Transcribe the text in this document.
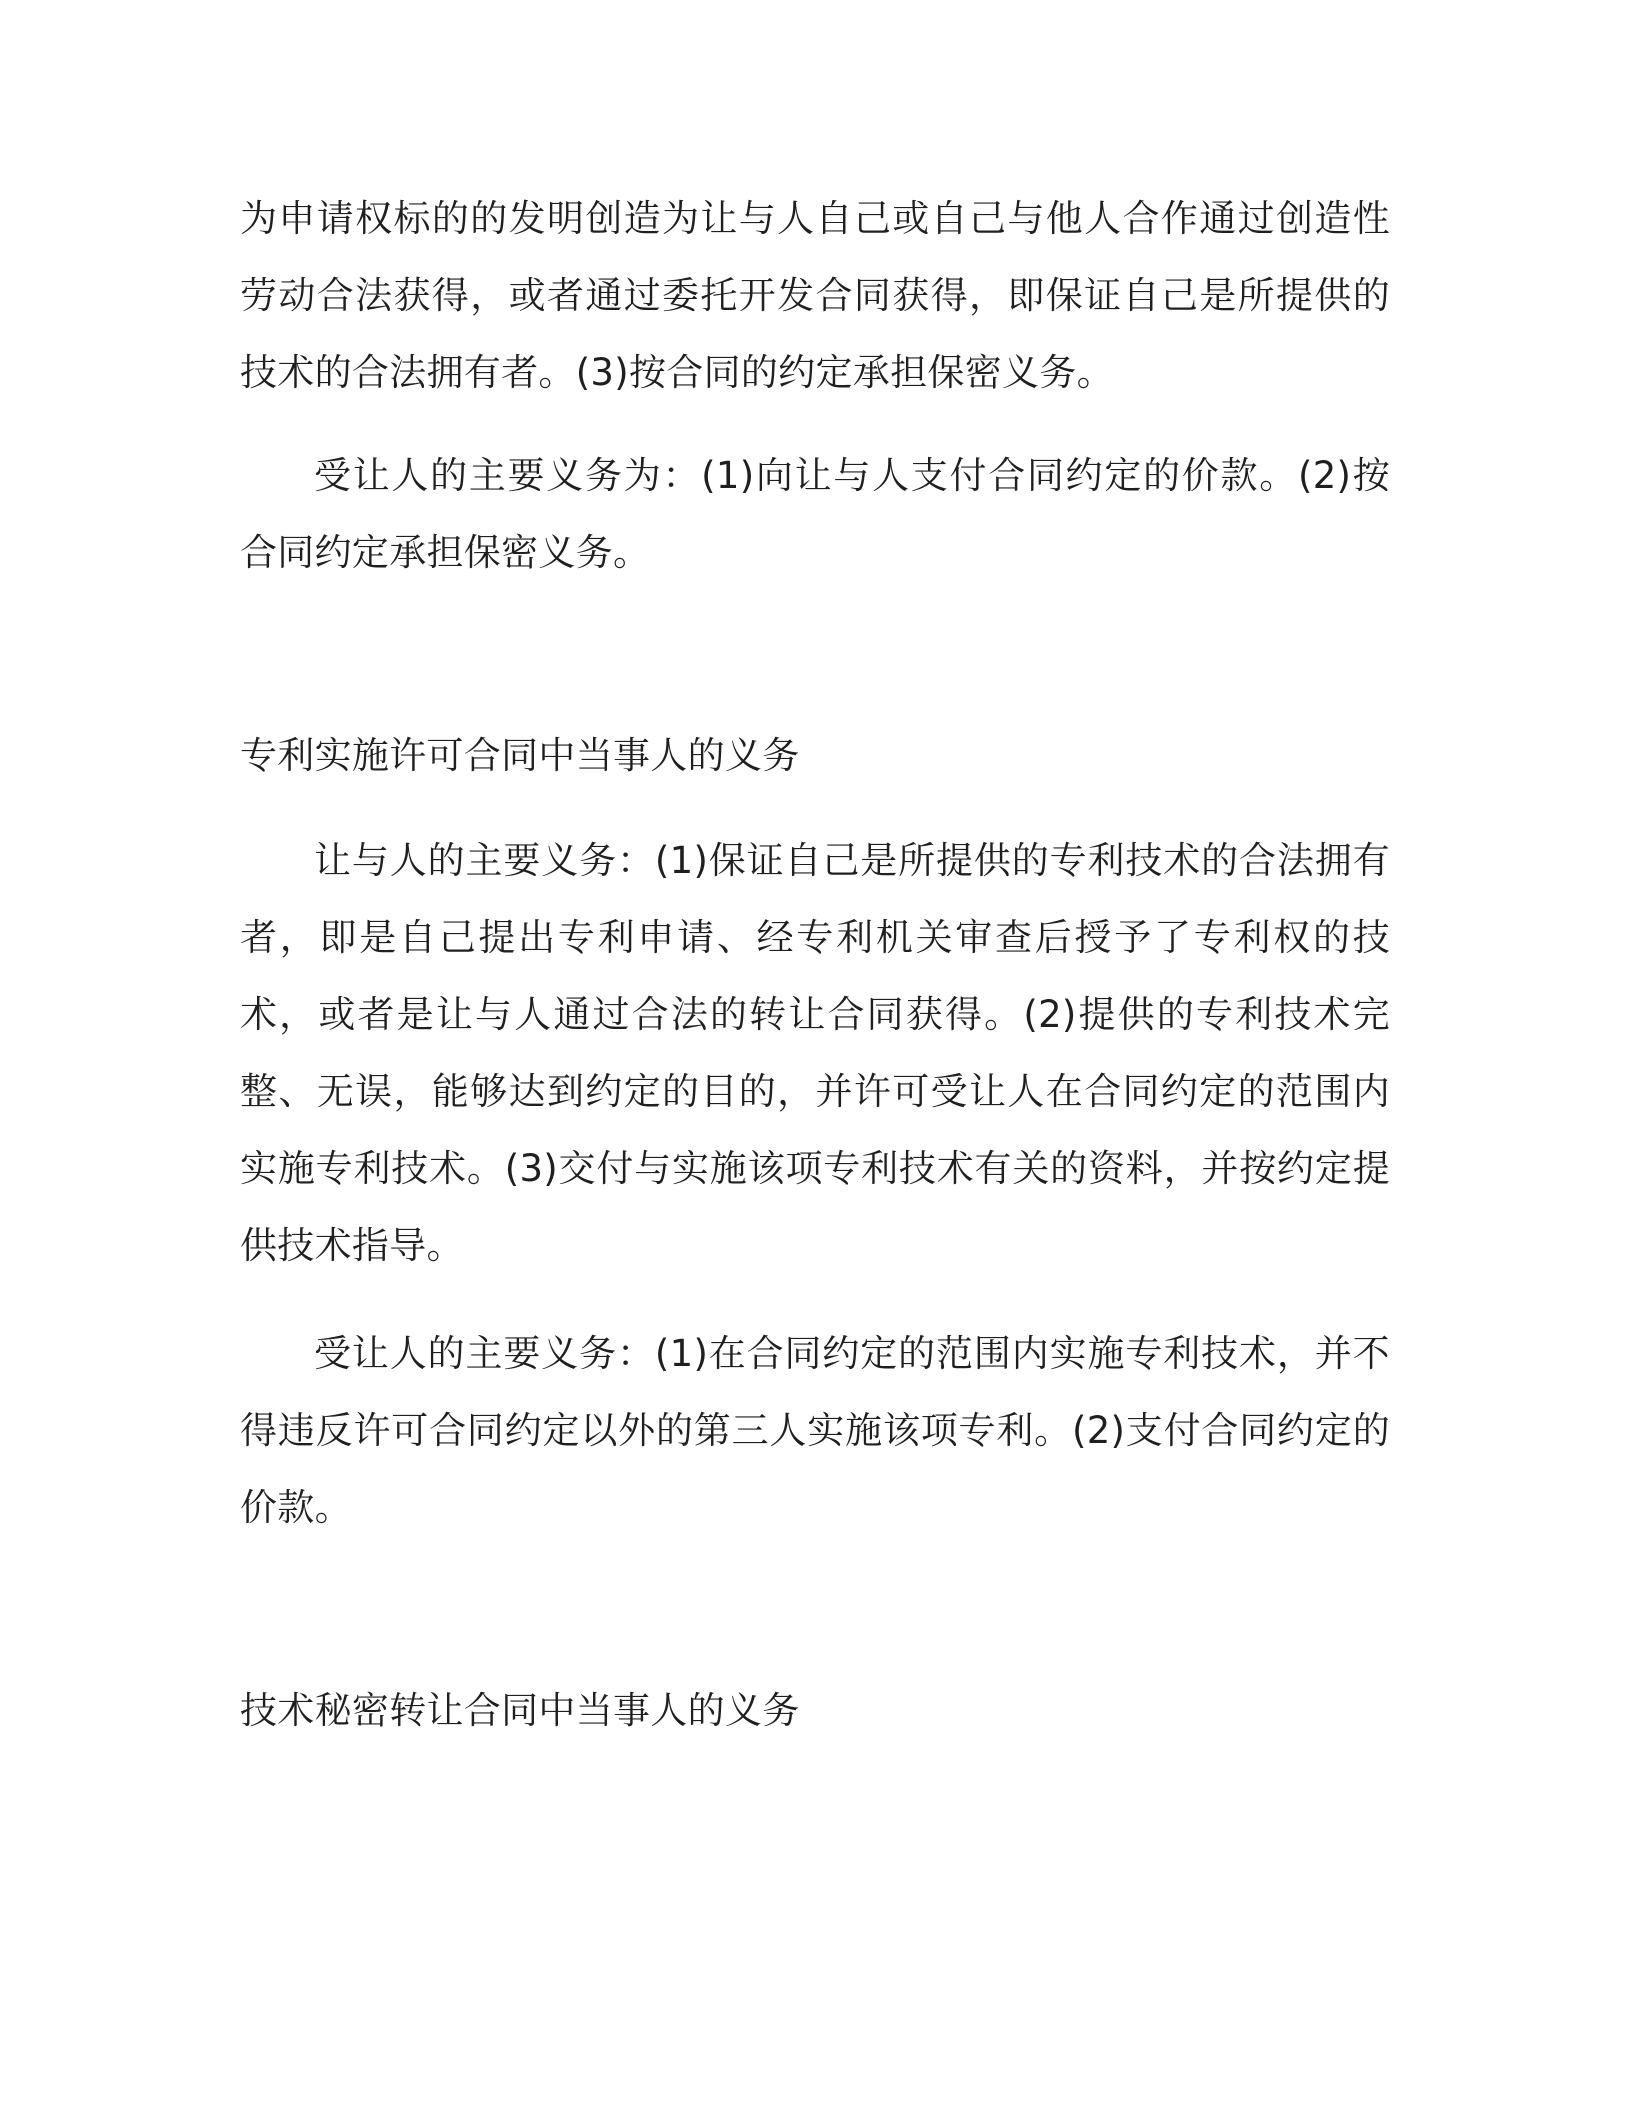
为申请权标的的发明创造为让与人自己或自己与他人合作通过创造性劳动合法获得，或者通过委托开发合同获得，即保证自己是所提供的技术的合法拥有者。(3)按合同的约定承担保密义务。

受让人的主要义务为：(1)向让与人支付合同约定的价款。(2)按合同约定承担保密义务。

专利实施许可合同中当事人的义务

让与人的主要义务：(1)保证自己是所提供的专利技术的合法拥有者，即是自己提出专利申请、经专利机关审查后授予了专利权的技术，或者是让与人通过合法的转让合同获得。(2)提供的专利技术完整、无误，能够达到约定的目的，并许可受让人在合同约定的范围内实施专利技术。(3)交付与实施该项专利技术有关的资料，并按约定提供技术指导。

受让人的主要义务：(1)在合同约定的范围内实施专利技术，并不得违反许可合同约定以外的第三人实施该项专利。(2)支付合同约定的价款。

技术秘密转让合同中当事人的义务
